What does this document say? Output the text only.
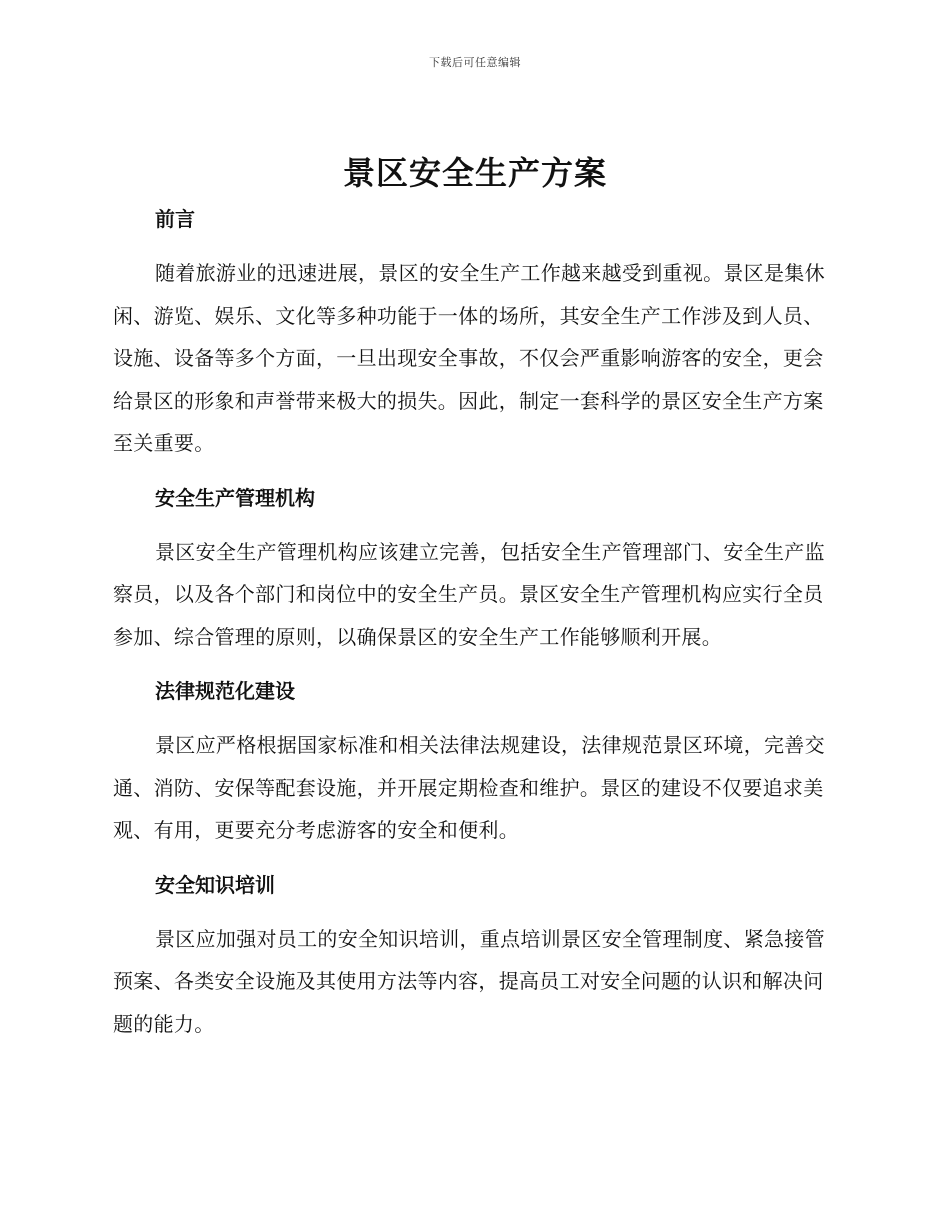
下载后可任意编辑
景区安全生产方案
前言

随着旅游业的迅速进展，景区的安全生产工作越来越受到重视。景区是集休闲、游览、娱乐、文化等多种功能于一体的场所，其安全生产工作涉及到人员、设施、设备等多个方面，一旦出现安全事故，不仅会严重影响游客的安全，更会给景区的形象和声誉带来极大的损失。因此，制定一套科学的景区安全生产方案至关重要。

安全生产管理机构

景区安全生产管理机构应该建立完善，包括安全生产管理部门、安全生产监察员，以及各个部门和岗位中的安全生产员。景区安全生产管理机构应实行全员参加、综合管理的原则，以确保景区的安全生产工作能够顺利开展。

法律规范化建设

景区应严格根据国家标准和相关法律法规建设，法律规范景区环境，完善交通、消防、安保等配套设施，并开展定期检查和维护。景区的建设不仅要追求美观、有用，更要充分考虑游客的安全和便利。

安全知识培训

景区应加强对员工的安全知识培训，重点培训景区安全管理制度、紧急接管预案、各类安全设施及其使用方法等内容，提高员工对安全问题的认识和解决问题的能力。
